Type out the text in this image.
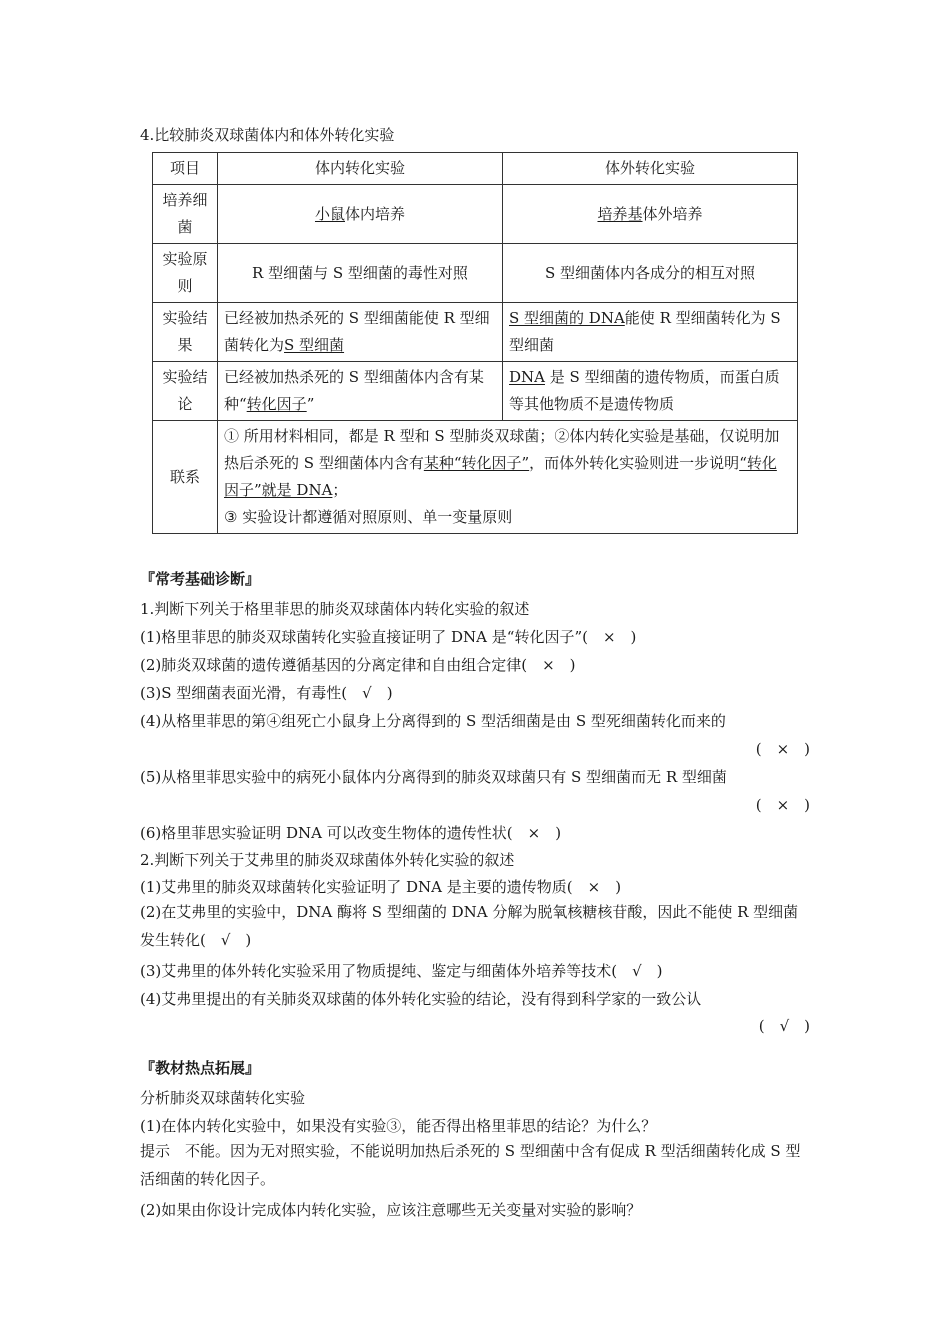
4.比较肺炎双球菌体内和体外转化实验
项目	体内转化实验	体外转化实验
培养细菌	小鼠体内培养	培养基体外培养
实验原则	R 型细菌与 S 型细菌的毒性对照	S 型细菌体内各成分的相互对照
实验结果	已经被加热杀死的 S 型细菌能使 R 型细菌转化为S 型细菌	S 型细菌的 DNA能使 R 型细菌转化为 S 型细菌
实验结论	已经被加热杀死的 S 型细菌体内含有某种“转化因子”	DNA 是 S 型细菌的遗传物质，而蛋白质等其他物质不是遗传物质
联系	① 所用材料相同，都是 R 型和 S 型肺炎双球菌；②体内转化实验是基础，仅说明加热后杀死的 S 型细菌体内含有某种“转化因子”，而体外转化实验则进一步说明“转化因子”就是 DNA；
③ 实验设计都遵循对照原则、单一变量原则	
『常考基础诊断』
1.判断下列关于格里菲思的肺炎双球菌体内转化实验的叙述
(1)格里菲思的肺炎双球菌转化实验直接证明了 DNA 是“转化因子”(　×　)
(2)肺炎双球菌的遗传遵循基因的分离定律和自由组合定律(　×　)
(3)S 型细菌表面光滑，有毒性(　√　)
(4)从格里菲思的第④组死亡小鼠身上分离得到的 S 型活细菌是由 S 型死细菌转化而来的
(　×　)
(5)从格里菲思实验中的病死小鼠体内分离得到的肺炎双球菌只有 S 型细菌而无 R 型细菌
(　×　)
(6)格里菲思实验证明 DNA 可以改变生物体的遗传性状(　×　)
2.判断下列关于艾弗里的肺炎双球菌体外转化实验的叙述
(1)艾弗里的肺炎双球菌转化实验证明了 DNA 是主要的遗传物质(　×　)
(2)在艾弗里的实验中，DNA 酶将 S 型细菌的 DNA 分解为脱氧核糖核苷酸，因此不能使 R 型细菌发生转化(　√　)
(3)艾弗里的体外转化实验采用了物质提纯、鉴定与细菌体外培养等技术(　√　)
(4)艾弗里提出的有关肺炎双球菌的体外转化实验的结论，没有得到科学家的一致公认
(　√　)
『教材热点拓展』
分析肺炎双球菌转化实验
(1)在体内转化实验中，如果没有实验③，能否得出格里菲思的结论？为什么？
提示　不能。因为无对照实验，不能说明加热后杀死的 S 型细菌中含有促成 R 型活细菌转化成 S 型活细菌的转化因子。
(2)如果由你设计完成体内转化实验，应该注意哪些无关变量对实验的影响？
